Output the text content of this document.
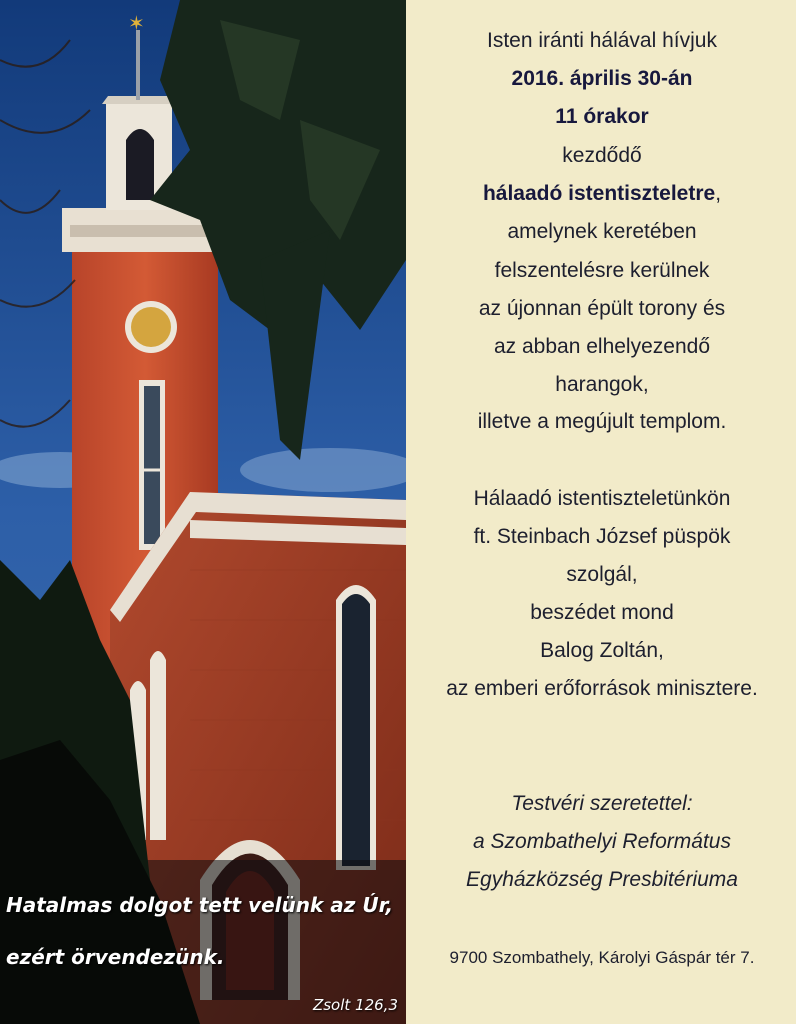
✶
Hatalmas dolgot tett velünk az Úr,
ezért örvendezünk.
Zsolt 126,3
Isten iránti hálával hívjuk
2016. április 30-án
11 órakor
kezdődő
hálaadó istentiszteletre,
amelynek keretében
felszentelésre kerülnek
az újonnan épült torony és
az abban elhelyezendő
harangok,
illetve a megújult templom.
Hálaadó istentiszteletünkön
ft. Steinbach József püspök
szolgál,
beszédet mond
Balog Zoltán,
az emberi erőforrások minisztere.
Testvéri szeretettel:
a Szombathelyi Református
Egyházközség Presbitériuma
9700 Szombathely, Károlyi Gáspár tér 7.
